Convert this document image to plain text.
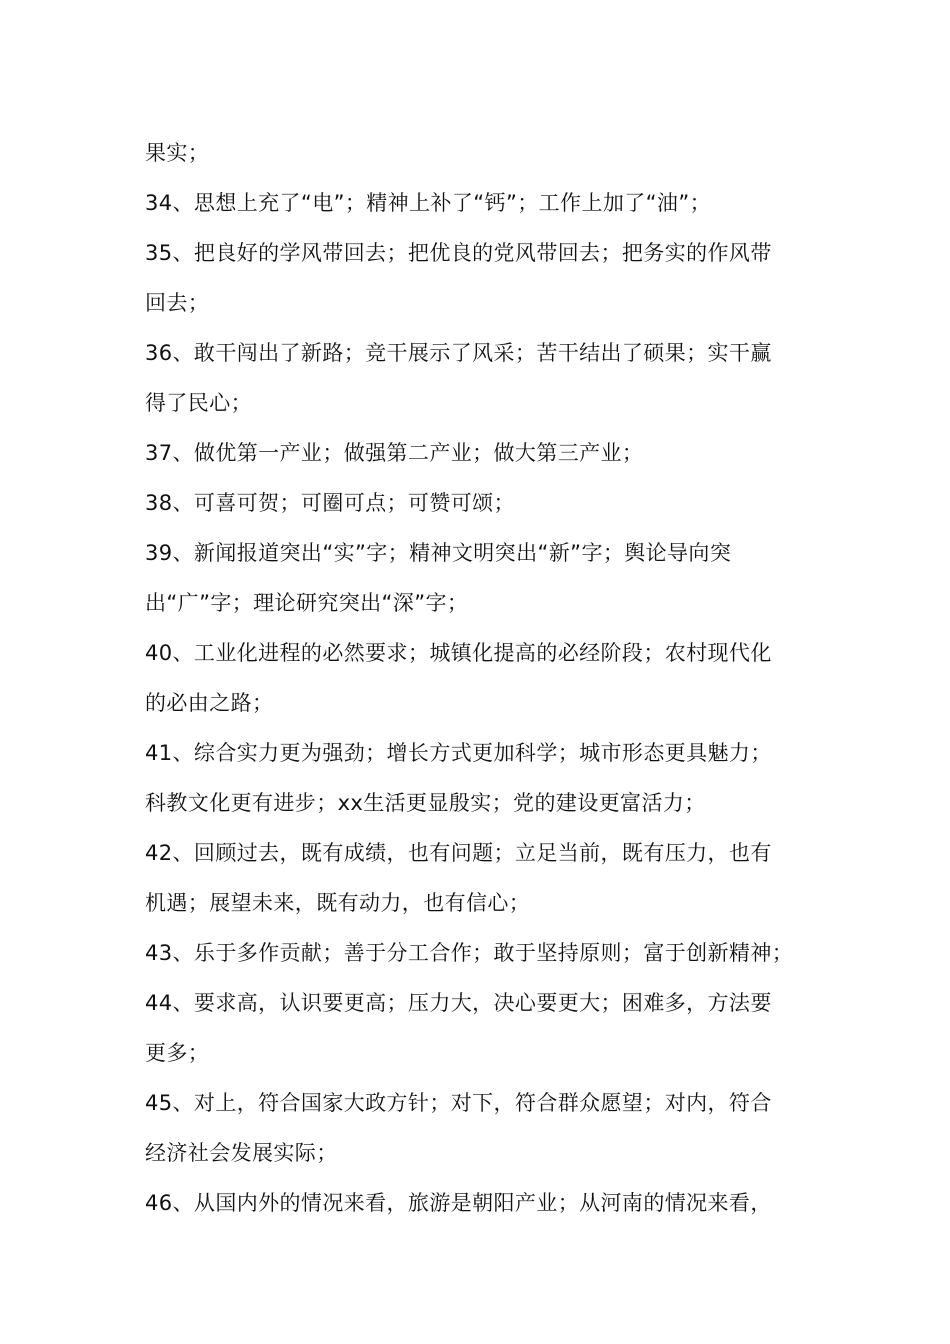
果实；
34、思想上充了“电”；精神上补了“钙”；工作上加了“油”；
35、把良好的学风带回去；把优良的党风带回去；把务实的作风带
回去；
36、敢干闯出了新路；竞干展示了风采；苦干结出了硕果；实干赢
得了民心；
37、做优第一产业；做强第二产业；做大第三产业；
38、可喜可贺；可圈可点；可赞可颂；
39、新闻报道突出“实”字；精神文明突出“新”字；舆论导向突
出“广”字；理论研究突出“深”字；
40、工业化进程的必然要求；城镇化提高的必经阶段；农村现代化
的必由之路；
41、综合实力更为强劲；增长方式更加科学；城市形态更具魅力；
科教文化更有进步；xx生活更显殷实；党的建设更富活力；
42、回顾过去，既有成绩，也有问题；立足当前，既有压力，也有
机遇；展望未来，既有动力，也有信心；
43、乐于多作贡献；善于分工合作；敢于坚持原则；富于创新精神；
44、要求高，认识要更高；压力大，决心要更大；困难多，方法要
更多；
45、对上，符合国家大政方针；对下，符合群众愿望；对内，符合
经济社会发展实际；
46、从国内外的情况来看，旅游是朝阳产业；从河南的情况来看，
